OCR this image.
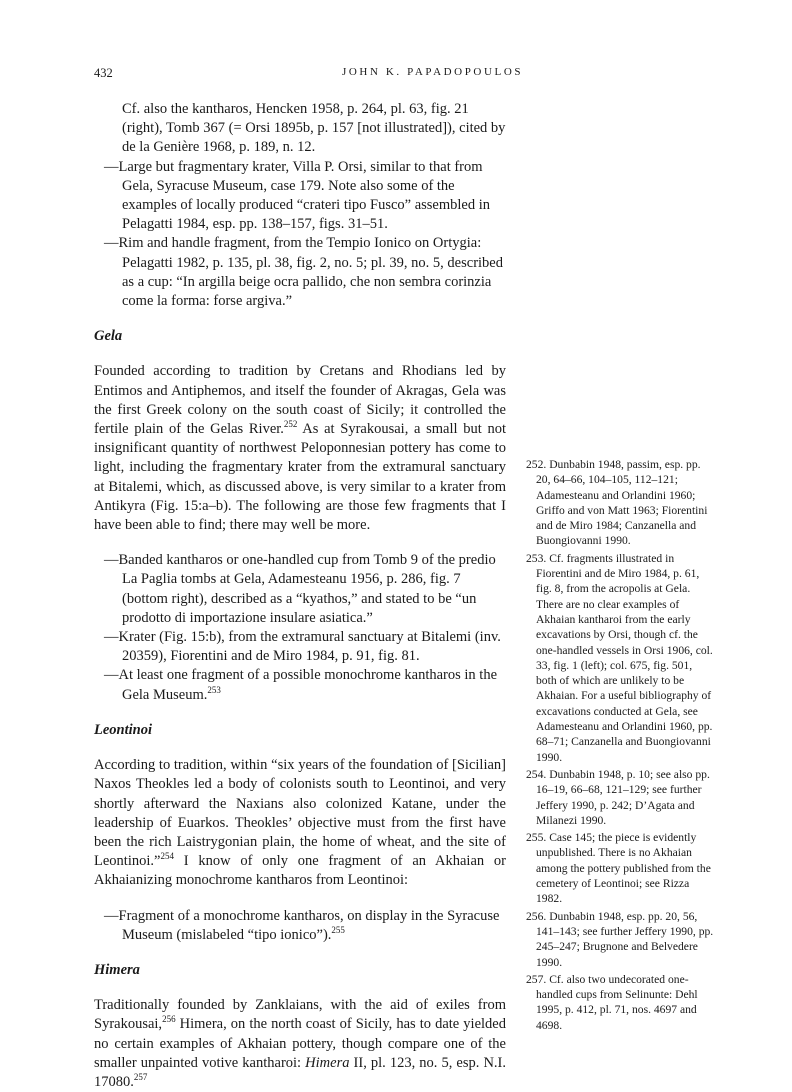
432	JOHN K. PAPADOPOULOS

Cf. also the kantharos, Hencken 1958, p. 264, pl. 63, fig. 21 (right), Tomb 367 (= Orsi 1895b, p. 157 [not illustrated]), cited by de la Genière 1968, p. 189, n. 12.

—Large but fragmentary krater, Villa P. Orsi, similar to that from Gela, Syracuse Museum, case 179. Note also some of the examples of locally produced “crateri tipo Fusco” assembled in Pelagatti 1984, esp. pp. 138–157, figs. 31–51.

—Rim and handle fragment, from the Tempio Ionico on Ortygia: Pelagatti 1982, p. 135, pl. 38, fig. 2, no. 5; pl. 39, no. 5, described as a cup: “In argilla beige ocra pallido, che non sembra corinzia come la forma: forse argiva.”

Gela

Founded according to tradition by Cretans and Rhodians led by Entimos and Antiphemos, and itself the founder of Akragas, Gela was the first Greek colony on the south coast of Sicily; it controlled the fertile plain of the Gelas River.$^{252}$ As at Syrakousai, a small but not insignificant quantity of northwest Peloponnesian pottery has come to light, including the fragmentary krater from the extramural sanctuary at Bitalemi, which, as discussed above, is very similar to a krater from Antikyra (Fig. 15:a–b). The following are those few fragments that I have been able to find; there may well be more.

—Banded kantharos or one-handled cup from Tomb 9 of the predio La Paglia tombs at Gela, Adamesteanu 1956, p. 286, fig. 7 (bottom right), described as a “kyathos,” and stated to be “un prodotto di importazione insulare asiatica.”

—Krater (Fig. 15:b), from the extramural sanctuary at Bitalemi (inv. 20359), Fiorentini and de Miro 1984, p. 91, fig. 81.

—At least one fragment of a possible monochrome kantharos in the Gela Museum.$^{253}$

Leontinoi

According to tradition, within “six years of the foundation of [Sicilian] Naxos Theokles led a body of colonists south to Leontinoi, and very shortly afterward the Naxians also colonized Katane, under the leadership of Euarkos. Theokles’ objective must from the first have been the rich Laistrygonian plain, the home of wheat, and the site of Leontinoi.”$^{254}$ I know of only one fragment of an Akhaian or Akhaianizing monochrome kantharos from Leontinoi:

—Fragment of a monochrome kantharos, on display in the Syracuse Museum (mislabeled “tipo ionico”).$^{255}$

Himera

Traditionally founded by Zanklaians, with the aid of exiles from Syrakousai,$^{256}$ Himera, on the north coast of Sicily, has to date yielded no certain examples of Akhaian pottery, though compare one of the smaller unpainted votive kantharoi: Himera II, pl. 123, no. 5, esp. N.I. 17080.$^{257}$

252. Dunbabin 1948, passim, esp. pp. 20, 64–66, 104–105, 112–121; Adamesteanu and Orlandini 1960; Griffo and von Matt 1963; Fiorentini and de Miro 1984; Canzanella and Buongiovanni 1990.

253. Cf. fragments illustrated in Fiorentini and de Miro 1984, p. 61, fig. 8, from the acropolis at Gela. There are no clear examples of Akhaian kantharoi from the early excavations by Orsi, though cf. the one-handled vessels in Orsi 1906, col. 33, fig. 1 (left); col. 675, fig. 501, both of which are unlikely to be Akhaian. For a useful bibliography of excavations conducted at Gela, see Adamesteanu and Orlandini 1960, pp. 68–71; Canzanella and Buongiovanni 1990.

254. Dunbabin 1948, p. 10; see also pp. 16–19, 66–68, 121–129; see further Jeffery 1990, p. 242; D’Agata and Milanezi 1990.

255. Case 145; the piece is evidently unpublished. There is no Akhaian among the pottery published from the cemetery of Leontinoi; see Rizza 1982.

256. Dunbabin 1948, esp. pp. 20, 56, 141–143; see further Jeffery 1990, pp. 245–247; Brugnone and Belvedere 1990.

257. Cf. also two undecorated one-handled cups from Selinunte: Dehl 1995, p. 412, pl. 71, nos. 4697 and 4698.
